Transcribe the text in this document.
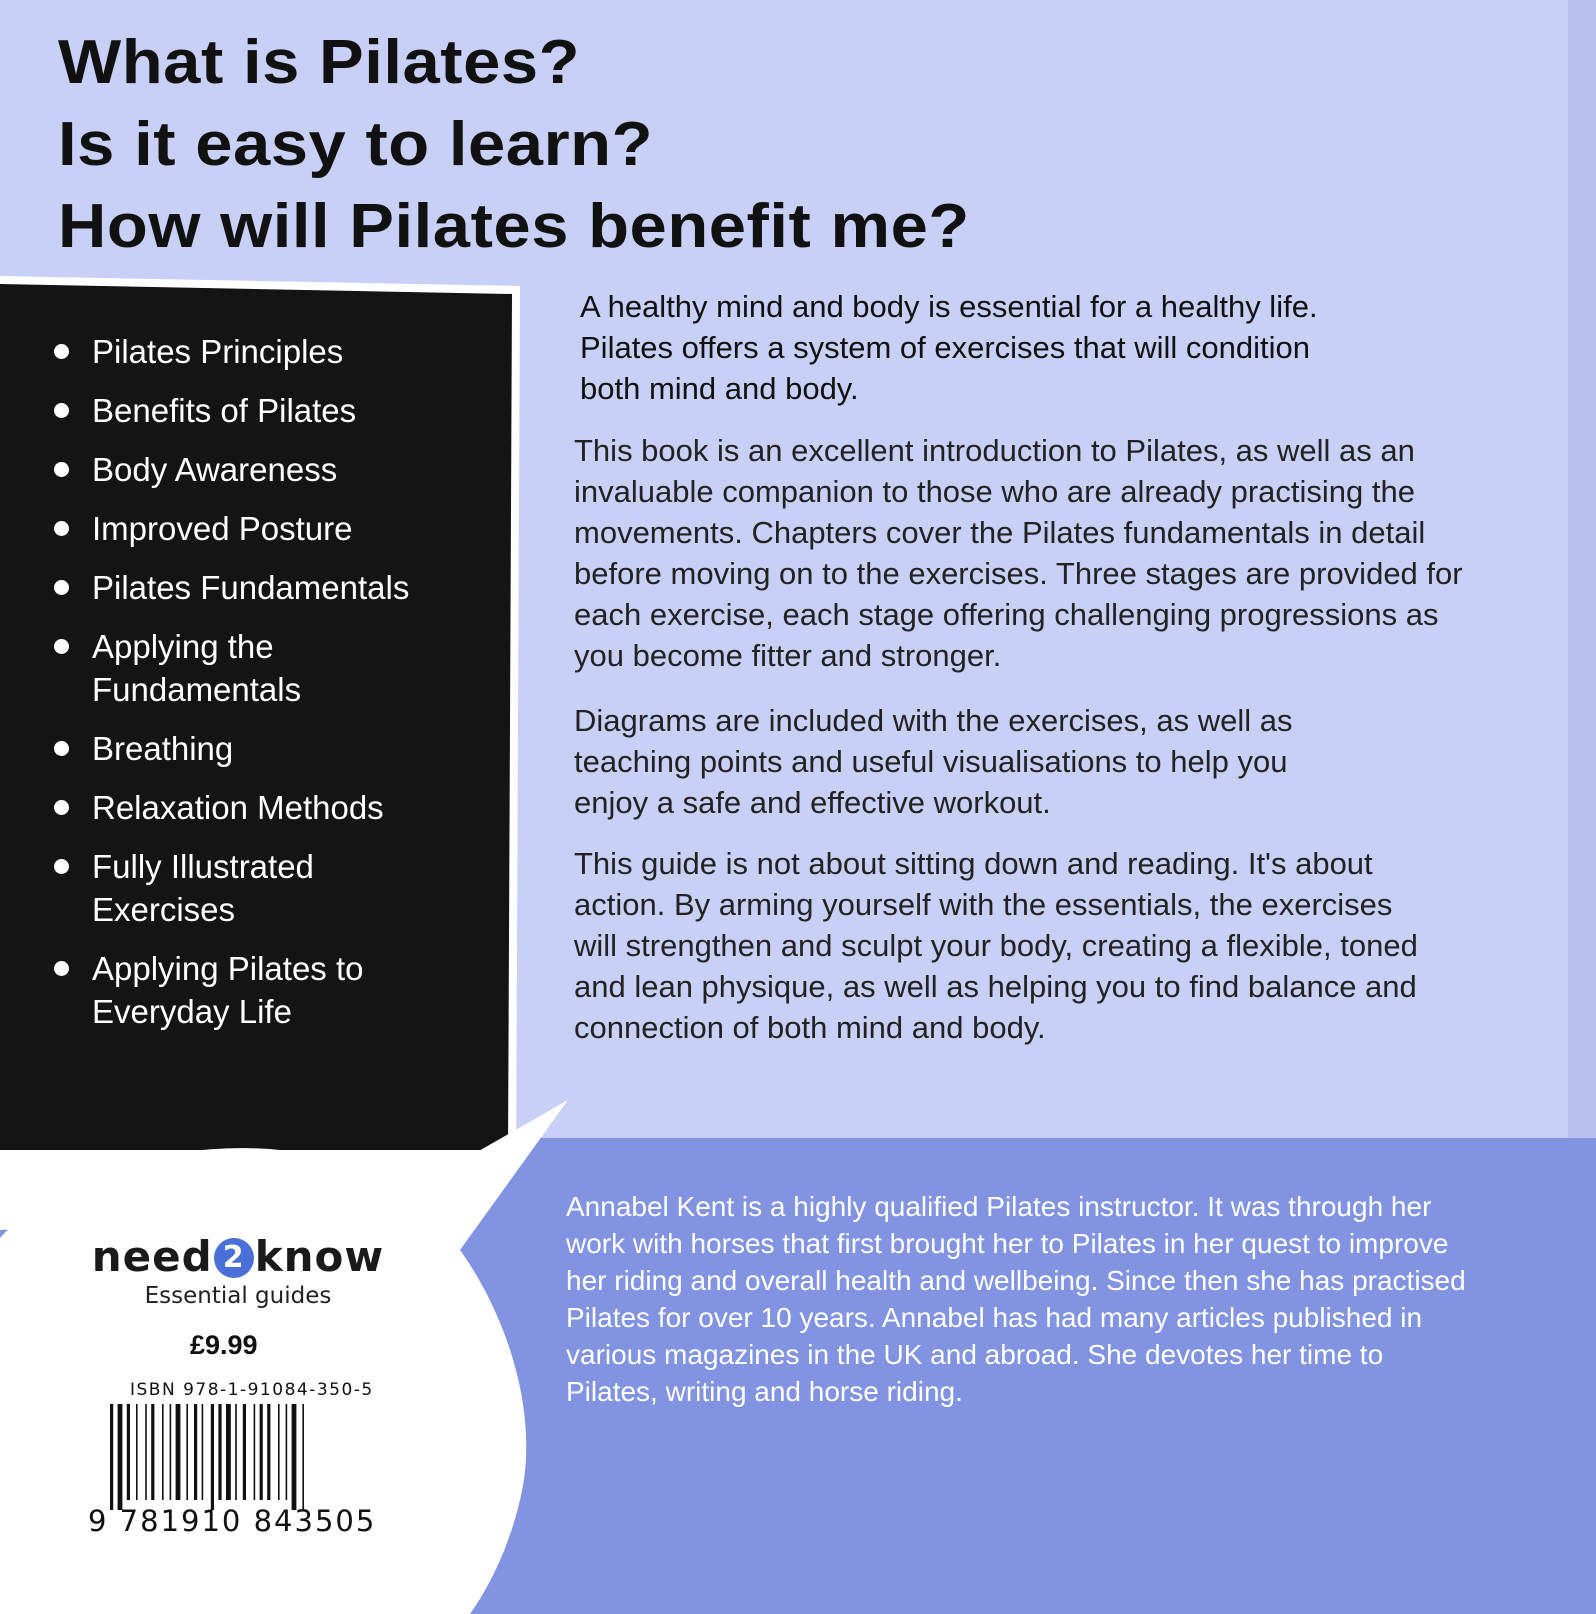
What is Pilates?
Is it easy to learn?
How will Pilates benefit me?
Pilates Principles
Benefits of Pilates
Body Awareness
Improved Posture
Pilates Fundamentals
Applying the Fundamentals
Breathing
Relaxation Methods
Fully Illustrated Exercises
Applying Pilates to Everyday Life

A healthy mind and body is essential for a healthy life. Pilates offers a system of exercises that will condition both mind and body.

This book is an excellent introduction to Pilates, as well as an invaluable companion to those who are already practising the movements. Chapters cover the Pilates fundamentals in detail before moving on to the exercises. Three stages are provided for each exercise, each stage offering challenging progressions as you become fitter and stronger.

Diagrams are included with the exercises, as well as teaching points and useful visualisations to help you enjoy a safe and effective workout.

This guide is not about sitting down and reading. It's about action. By arming yourself with the essentials, the exercises will strengthen and sculpt your body, creating a flexible, toned and lean physique, as well as helping you to find balance and connection of both mind and body.

Annabel Kent is a highly qualified Pilates instructor. It was through her work with horses that first brought her to Pilates in her quest to improve her riding and overall health and wellbeing. Since then she has practised Pilates for over 10 years. Annabel has had many articles published in various magazines in the UK and abroad. She devotes her time to Pilates, writing and horse riding.

need 2 know
Essential guides
£9.99
ISBN 978-1-91084-350-5
9 781910 843505
